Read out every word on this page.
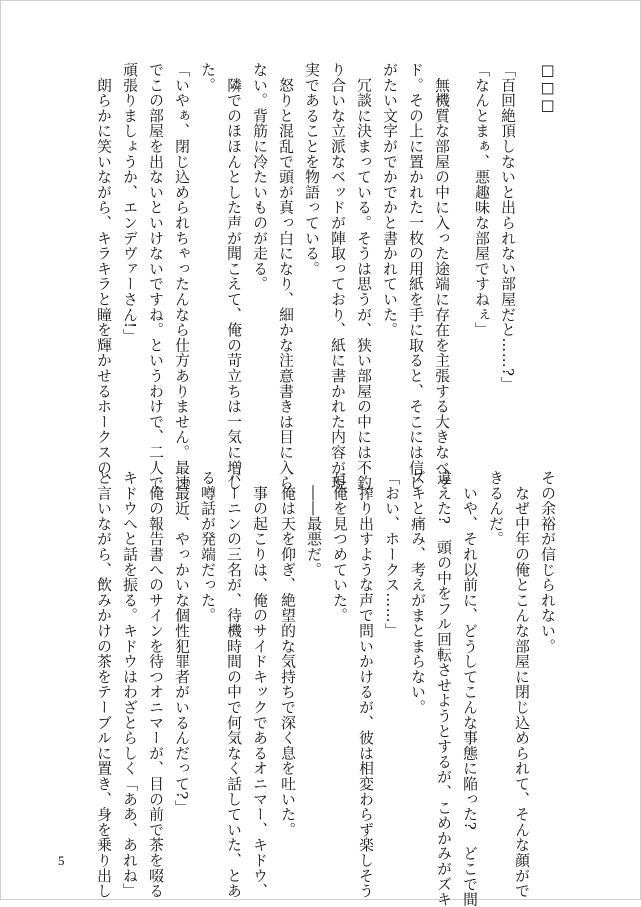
□□□
「百回絶頂しないと出られない部屋だと……?」
「なんとまぁ、悪趣味な部屋ですねぇ」
　無機質な部屋の中に入った途端に存在を主張する大きなベッ
ド。その上に置かれた一枚の用紙を手に取ると、そこには信じ
がたい文字がでかでかと書かれていた。
　冗談に決まっている。そうは思うが、狭い部屋の中には不釣
り合いな立派なベッドが陣取っており、紙に書かれた内容が現
実であることを物語っている。
　怒りと混乱で頭が真っ白になり、細かな注意書きは目に入ら
ない。背筋に冷たいものが走る。
　隣でのほほんとした声が聞こえて、俺の苛立ちは一気に増し
た。
「いやぁ、閉じ込められちゃったんなら仕方ありません。最速
でこの部屋を出ないといけないですね。というわけで、二人で
頑張りましょうか、エンデヴァーさん!」
　朗らかに笑いながら、キラキラと瞳を輝かせるホークスの、
その余裕が信じられない。
　なぜ中年の俺とこんな部屋に閉じ込められて、そんな顔がで
きるんだ。
　いや、それ以前に、どうしてこんな事態に陥った?　どこで間
違えた?　頭の中をフル回転させようとするが、こめかみがズキ
ズキと痛み、考えがまとまらない。
「おい、ホークス……」
　搾り出すような声で問いかけるが、彼は相変わらず楽しそう
に俺を見つめていた。
　――最悪だ。
　俺は天を仰ぎ、絶望的な気持ちで深く息を吐いた。
　事の起こりは、俺のサイドキックであるオニマー、キドウ、
バーニンの三名が、待機時間の中で何気なく話していた、とあ
る噂話が発端だった。
「最近、やっかいな個性犯罪者がいるんだって?」
　俺の報告書へのサインを待つオニマーが、目の前で茶を啜る
キドウへと話を振る。キドウはわざとらしく「ああ、あれね」
と言いながら、飲みかけの茶をテーブルに置き、身を乗り出し
5
